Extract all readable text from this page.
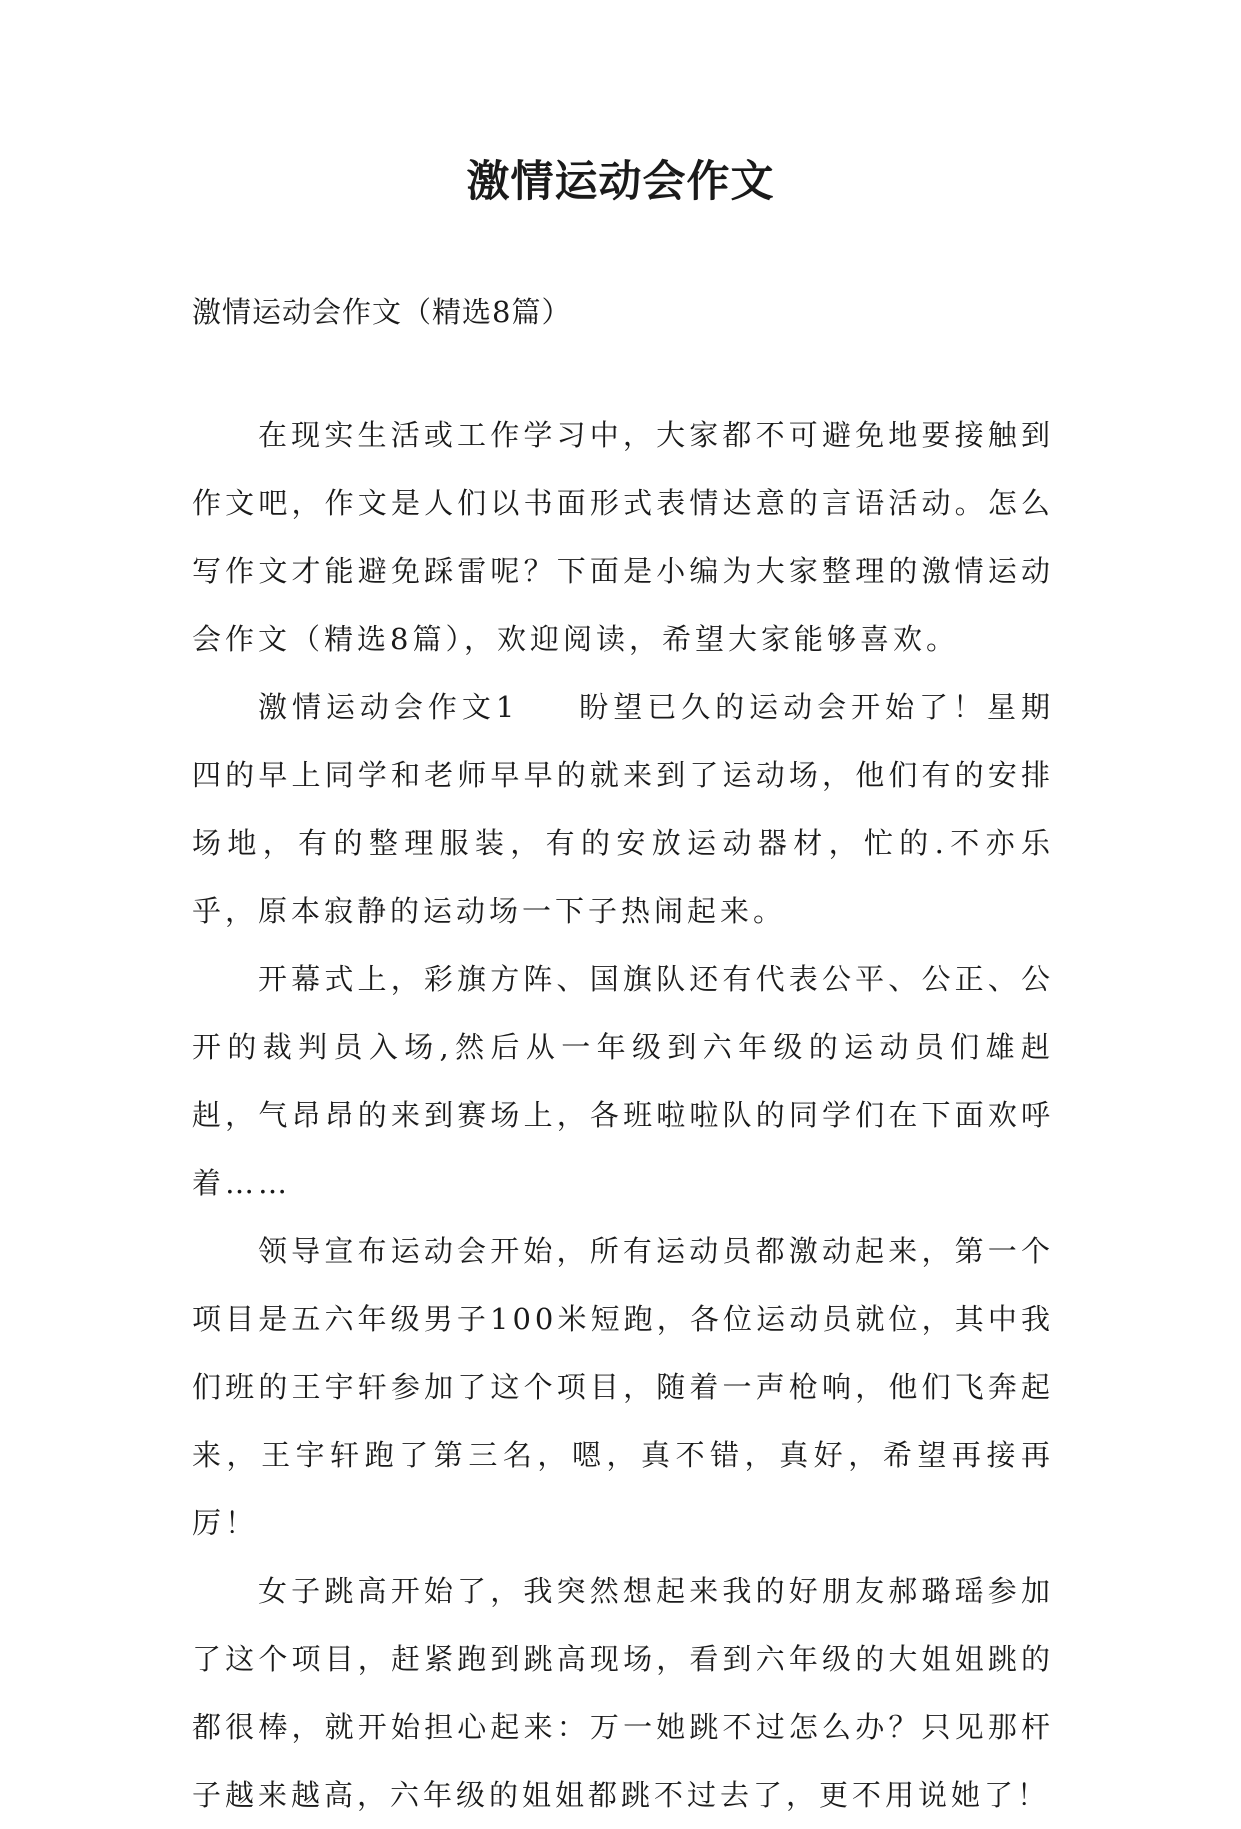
激情运动会作文

激情运动会作文（精选8篇）

在现实生活或工作学习中，大家都不可避免地要接触到作文吧，作文是人们以书面形式表情达意的言语活动。怎么写作文才能避免踩雷呢？下面是小编为大家整理的激情运动会作文（精选8篇），欢迎阅读，希望大家能够喜欢。

激情运动会作文1 盼望已久的运动会开始了！星期四的早上同学和老师早早的就来到了运动场，他们有的安排场地，有的整理服装，有的安放运动器材，忙的.不亦乐乎，原本寂静的运动场一下子热闹起来。

开幕式上，彩旗方阵、国旗队还有代表公平、公正、公开的裁判员入场,然后从一年级到六年级的运动员们雄赳赳，气昂昂的来到赛场上，各班啦啦队的同学们在下面欢呼着……

领导宣布运动会开始，所有运动员都激动起来，第一个项目是五六年级男子100米短跑，各位运动员就位，其中我们班的王宇轩参加了这个项目，随着一声枪响，他们飞奔起来，王宇轩跑了第三名，嗯，真不错，真好，希望再接再厉！

女子跳高开始了，我突然想起来我的好朋友郝璐瑶参加了这个项目，赶紧跑到跳高现场，看到六年级的大姐姐跳的都很棒，就开始担心起来：万一她跳不过怎么办？只见那杆子越来越高，六年级的姐姐都跳不过去了，更不用说她了！
